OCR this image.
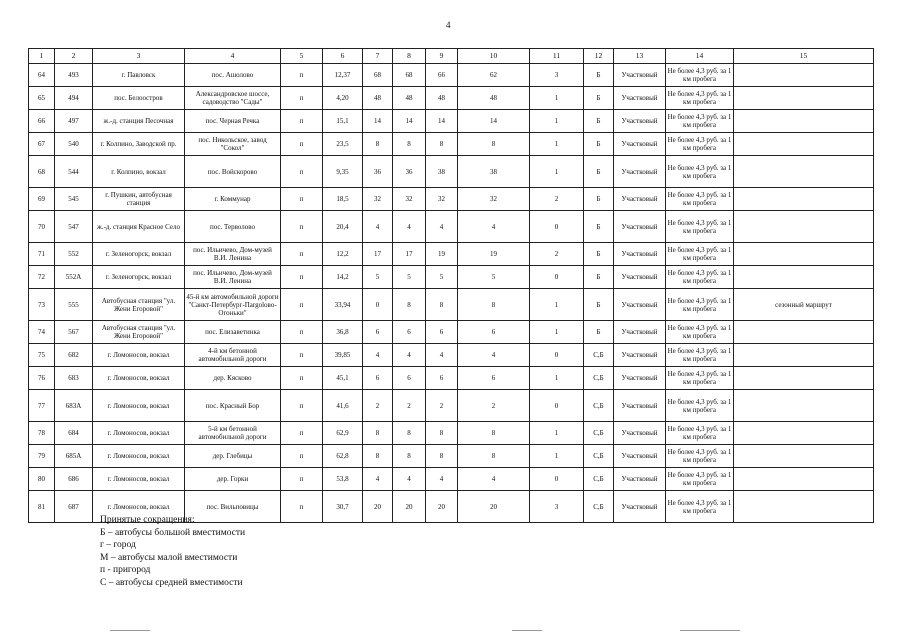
4
1	2	3	4	5	6	7	8	9	10	11	12	13	14	15
64	493	г. Павловск	пос. Ашолово	п	12,37	68	68	66	62	3	Б	Участковый	Не более 4,3 руб. за 1 км пробега	
65	494	пос. Белоостров	Александровское шоссе, садоводство "Сады"	п	4,20	48	48	48	48	1	Б	Участковый	Не более 4,3 руб. за 1 км пробега	
66	497	ж.-д. станция Песочная	пос. Черная Речка	п	15,1	14	14	14	14	1	Б	Участковый	Не более 4,3 руб. за 1 км пробега	
67	540	г. Колпино, Заводской пр.	пос. Никольское, завод "Сокол"	п	23,5	8	8	8	8	1	Б	Участковый	Не более 4,3 руб. за 1 км пробега	
68	544	г. Колпино, вокзал	пос. Войскорово	п	9,35	36	36	38	38	1	Б	Участковый	Не более 4,3 руб. за 1 км пробега	
69	545	г. Пушкин, автобусная станция	г. Коммунар	п	18,5	32	32	32	32	2	Б	Участковый	Не более 4,3 руб. за 1 км пробега	
70	547	ж.-д. станция Красное Село	пос. Терволово	п	20,4	4	4	4	4	0	Б	Участковый	Не более 4,3 руб. за 1 км пробега	
71	552	г. Зеленогорск, вокзал	пос. Ильичево, Дом-музей В.И. Ленина	п	12,2	17	17	19	19	2	Б	Участковый	Не более 4,3 руб. за 1 км пробега	
72	552А	г. Зеленогорск, вокзал	пос. Ильичево, Дом-музей В.И. Ленина	п	14,2	5	5	5	5	0	Б	Участковый	Не более 4,3 руб. за 1 км пробега	
73	555	Автобусная станция "ул. Жени Егоровой"	45-й км автомобильной дороги "Санкт-Петербург-Пargolово-Огоньки"	п	33,94	0	8	8	8	1	Б	Участковый	Не более 4,3 руб. за 1 км пробега	сезонный маршрут
74	567	Автобусная станция "ул. Жени Егоровой"	пос. Елизаветинка	п	36,8	6	6	6	6	1	Б	Участковый	Не более 4,3 руб. за 1 км пробега	
75	682	г. Ломоносов, вокзал	4-й км бетонной автомобильной дороги	п	39,85	4	4	4	4	0	С,Б	Участковый	Не более 4,3 руб. за 1 км пробега	
76	683	г. Ломоносов, вокзал	дер. Кясково	п	45,1	6	6	6	6	1	С,Б	Участковый	Не более 4,3 руб. за 1 км пробега	
77	683А	г. Ломоносов, вокзал	пос. Красный Бор	п	41,6	2	2	2	2	0	С,Б	Участковый	Не более 4,3 руб. за 1 км пробега	
78	684	г. Ломоносов, вокзал	5-й км бетонной автомобильной дороги	п	62,9	8	8	8	8	1	С,Б	Участковый	Не более 4,3 руб. за 1 км пробега	
79	685А	г. Ломоносов, вокзал	дер. Глебицы	п	62,8	8	8	8	8	1	С,Б	Участковый	Не более 4,3 руб. за 1 км пробега	
80	686	г. Ломоносов, вокзал	дер. Горки	п	53,8	4	4	4	4	0	С,Б	Участковый	Не более 4,3 руб. за 1 км пробега	
81	687	г. Ломоносов, вокзал	пос. Вильповицы	п	30,7	20	20	20	20	3	С,Б	Участковый	Не более 4,3 руб. за 1 км пробега	
Принятые сокращения:
Б – автобусы большой вместимости
г – город
М – автобусы малой вместимости
п - пригород
С – автобусы средней вместимости
